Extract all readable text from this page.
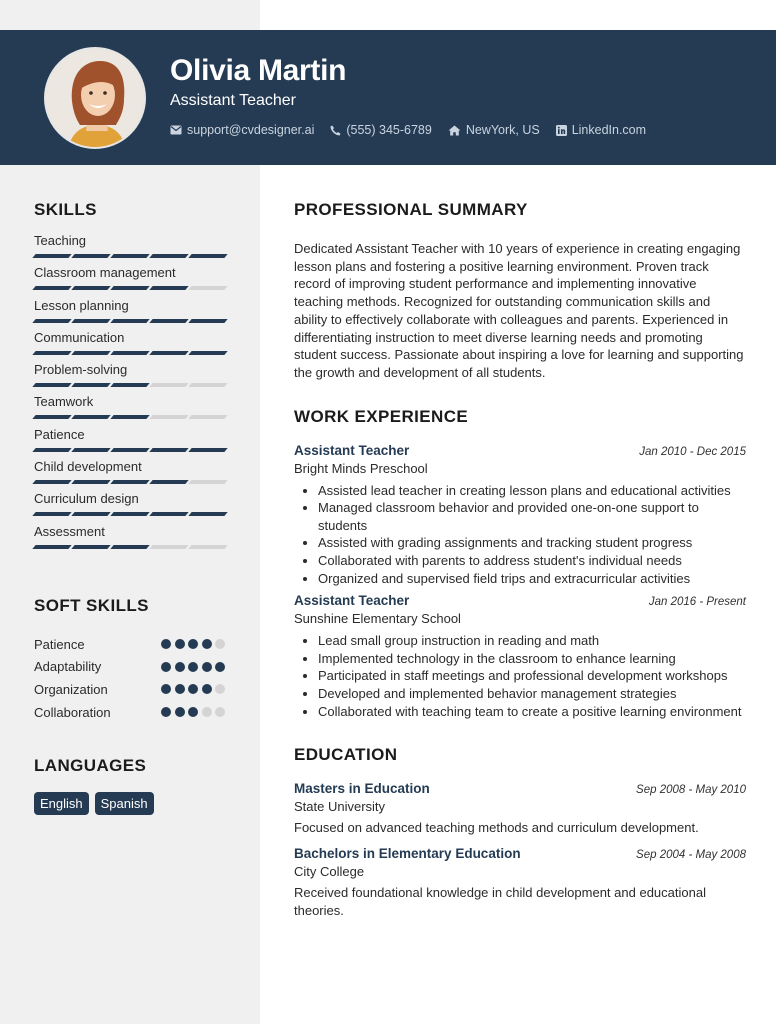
Olivia Martin
Assistant Teacher
support@cvdesigner.ai	(555) 345-6789	NewYork, US	LinkedIn.com
SKILLS
Teaching
Classroom management
Lesson planning
Communication
Problem-solving
Teamwork
Patience
Child development
Curriculum design
Assessment
SOFT SKILLS
Patience
Adaptability
Organization
Collaboration
LANGUAGES
English	Spanish
PROFESSIONAL SUMMARY

Dedicated Assistant Teacher with 10 years of experience in creating engaging lesson plans and fostering a positive learning environment. Proven track record of improving student performance and implementing innovative teaching methods. Recognized for outstanding communication skills and ability to effectively collaborate with colleagues and parents. Experienced in differentiating instruction to meet diverse learning needs and promoting student success. Passionate about inspiring a love for learning and supporting the growth and development of all students.

WORK EXPERIENCE
Assistant Teacher	Jan 2010 - Dec 2015
Bright Minds Preschool
• Assisted lead teacher in creating lesson plans and educational activities
• Managed classroom behavior and provided one-on-one support to students
• Assisted with grading assignments and tracking student progress
• Collaborated with parents to address student's individual needs
• Organized and supervised field trips and extracurricular activities
Assistant Teacher	Jan 2016 - Present
Sunshine Elementary School
• Lead small group instruction in reading and math
• Implemented technology in the classroom to enhance learning
• Participated in staff meetings and professional development workshops
• Developed and implemented behavior management strategies
• Collaborated with teaching team to create a positive learning environment
EDUCATION
Masters in Education	Sep 2008 - May 2010
State University
Focused on advanced teaching methods and curriculum development.
Bachelors in Elementary Education	Sep 2004 - May 2008
City College
Received foundational knowledge in child development and educational theories.
